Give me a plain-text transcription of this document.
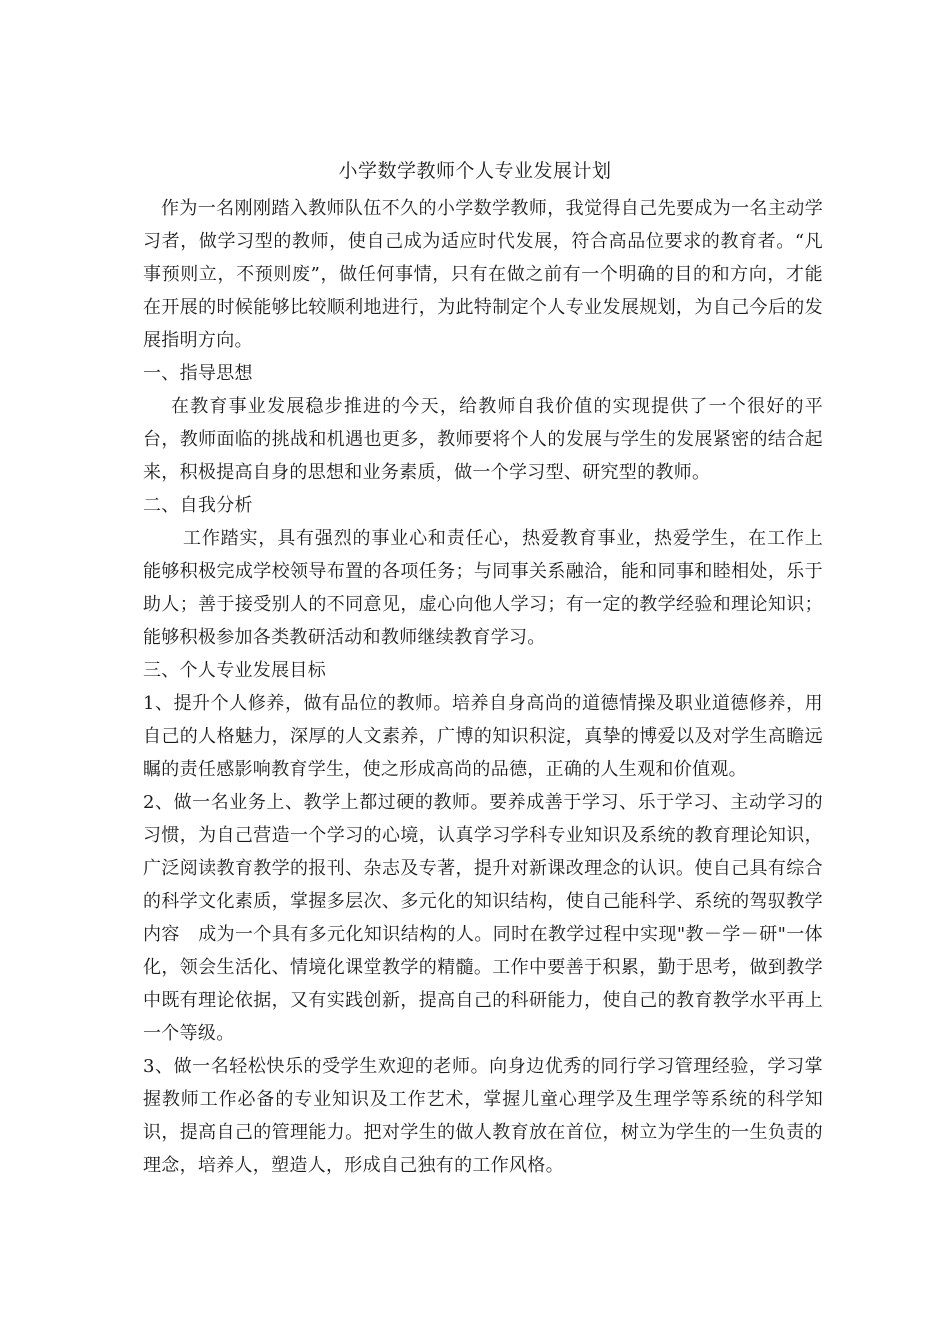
小学数学教师个人专业发展计划

作为一名刚刚踏入教师队伍不久的小学数学教师，我觉得自己先要成为一名主动学习者，做学习型的教师，使自己成为适应时代发展，符合高品位要求的教育者。“凡事预则立，不预则废”，做任何事情，只有在做之前有一个明确的目的和方向，才能在开展的时候能够比较顺利地进行，为此特制定个人专业发展规划，为自己今后的发展指明方向。

一、指导思想

在教育事业发展稳步推进的今天，给教师自我价值的实现提供了一个很好的平台，教师面临的挑战和机遇也更多，教师要将个人的发展与学生的发展紧密的结合起来，积极提高自身的思想和业务素质，做一个学习型、研究型的教师。

二、自我分析

工作踏实，具有强烈的事业心和责任心，热爱教育事业，热爱学生，在工作上能够积极完成学校领导布置的各项任务；与同事关系融洽，能和同事和睦相处，乐于助人；善于接受别人的不同意见，虚心向他人学习；有一定的教学经验和理论知识；能够积极参加各类教研活动和教师继续教育学习。

三、个人专业发展目标

1、提升个人修养，做有品位的教师。培养自身高尚的道德情操及职业道德修养，用自己的人格魅力，深厚的人文素养，广博的知识积淀，真挚的博爱以及对学生高瞻远瞩的责任感影响教育学生，使之形成高尚的品德，正确的人生观和价值观。

2、做一名业务上、教学上都过硬的教师。要养成善于学习、乐于学习、主动学习的习惯，为自己营造一个学习的心境，认真学习学科专业知识及系统的教育理论知识，广泛阅读教育教学的报刊、杂志及专著，提升对新课改理念的认识。使自己具有综合的科学文化素质，掌握多层次、多元化的知识结构，使自己能科学、系统的驾驭教学内容　成为一个具有多元化知识结构的人。同时在教学过程中实现"教－学－研"一体化，领会生活化、情境化课堂教学的精髓。工作中要善于积累，勤于思考，做到教学中既有理论依据，又有实践创新，提高自己的科研能力，使自己的教育教学水平再上一个等级。

3、做一名轻松快乐的受学生欢迎的老师。向身边优秀的同行学习管理经验，学习掌握教师工作必备的专业知识及工作艺术，掌握儿童心理学及生理学等系统的科学知识，提高自己的管理能力。把对学生的做人教育放在首位，树立为学生的一生负责的理念，培养人，塑造人，形成自己独有的工作风格。
